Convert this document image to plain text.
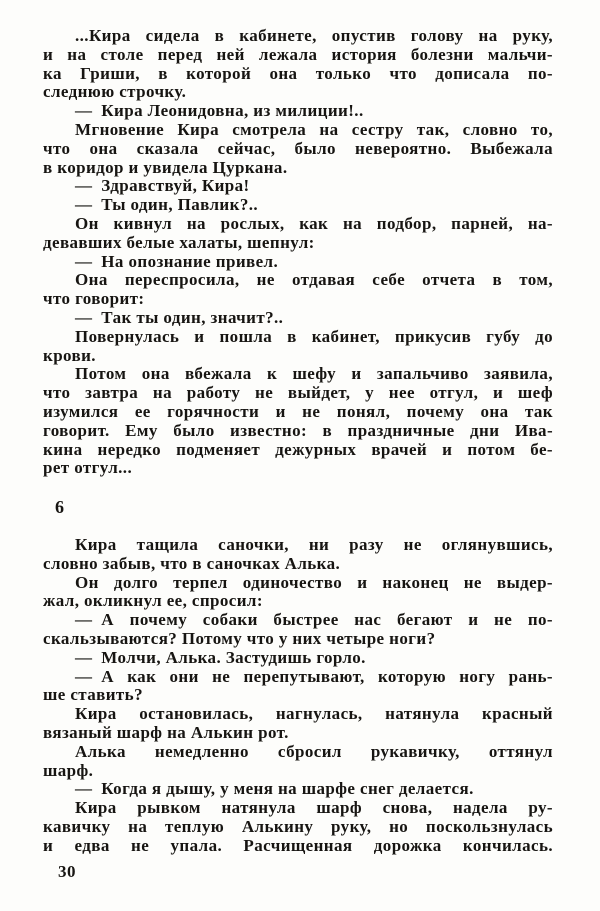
...Кира сидела в кабинете, опустив голову на руку,
и на столе перед ней лежала история болезни мальчи-
ка Гриши, в которой она только что дописала по-
следнюю строчку.
— Кира Леонидовна, из милиции!..
Мгновение Кира смотрела на сестру так, словно то,
что она сказала сейчас, было невероятно. Выбежала
в коридор и увидела Цуркана.
— Здравствуй, Кира!
— Ты один, Павлик?..
Он кивнул на рослых, как на подбор, парней, на-
девавших белые халаты, шепнул:
— На опознание привел.
Она переспросила, не отдавая себе отчета в том,
что говорит:
— Так ты один, значит?..
Повернулась и пошла в кабинет, прикусив губу до
крови.
Потом она вбежала к шефу и запальчиво заявила,
что завтра на работу не выйдет, у нее отгул, и шеф
изумился ее горячности и не понял, почему она так
говорит. Ему было известно: в праздничные дни Ива-
кина нередко подменяет дежурных врачей и потом бе-
рет отгул...
6
Кира тащила саночки, ни разу не оглянувшись,
словно забыв, что в саночках Алька.
Он долго терпел одиночество и наконец не выдер-
жал, окликнул ее, спросил:
— А почему собаки быстрее нас бегают и не по-
скальзываются? Потому что у них четыре ноги?
— Молчи, Алька. Застудишь горло.
— А как они не перепутывают, которую ногу рань-
ше ставить?
Кира остановилась, нагнулась, натянула красный
вязаный шарф на Алькин рот.
Алька немедленно сбросил рукавичку, оттянул
шарф.
— Когда я дышу, у меня на шарфе снег делается.
Кира рывком натянула шарф снова, надела ру-
кавичку на теплую Алькину руку, но поскользнулась
и едва не упала. Расчищенная дорожка кончилась.
30
